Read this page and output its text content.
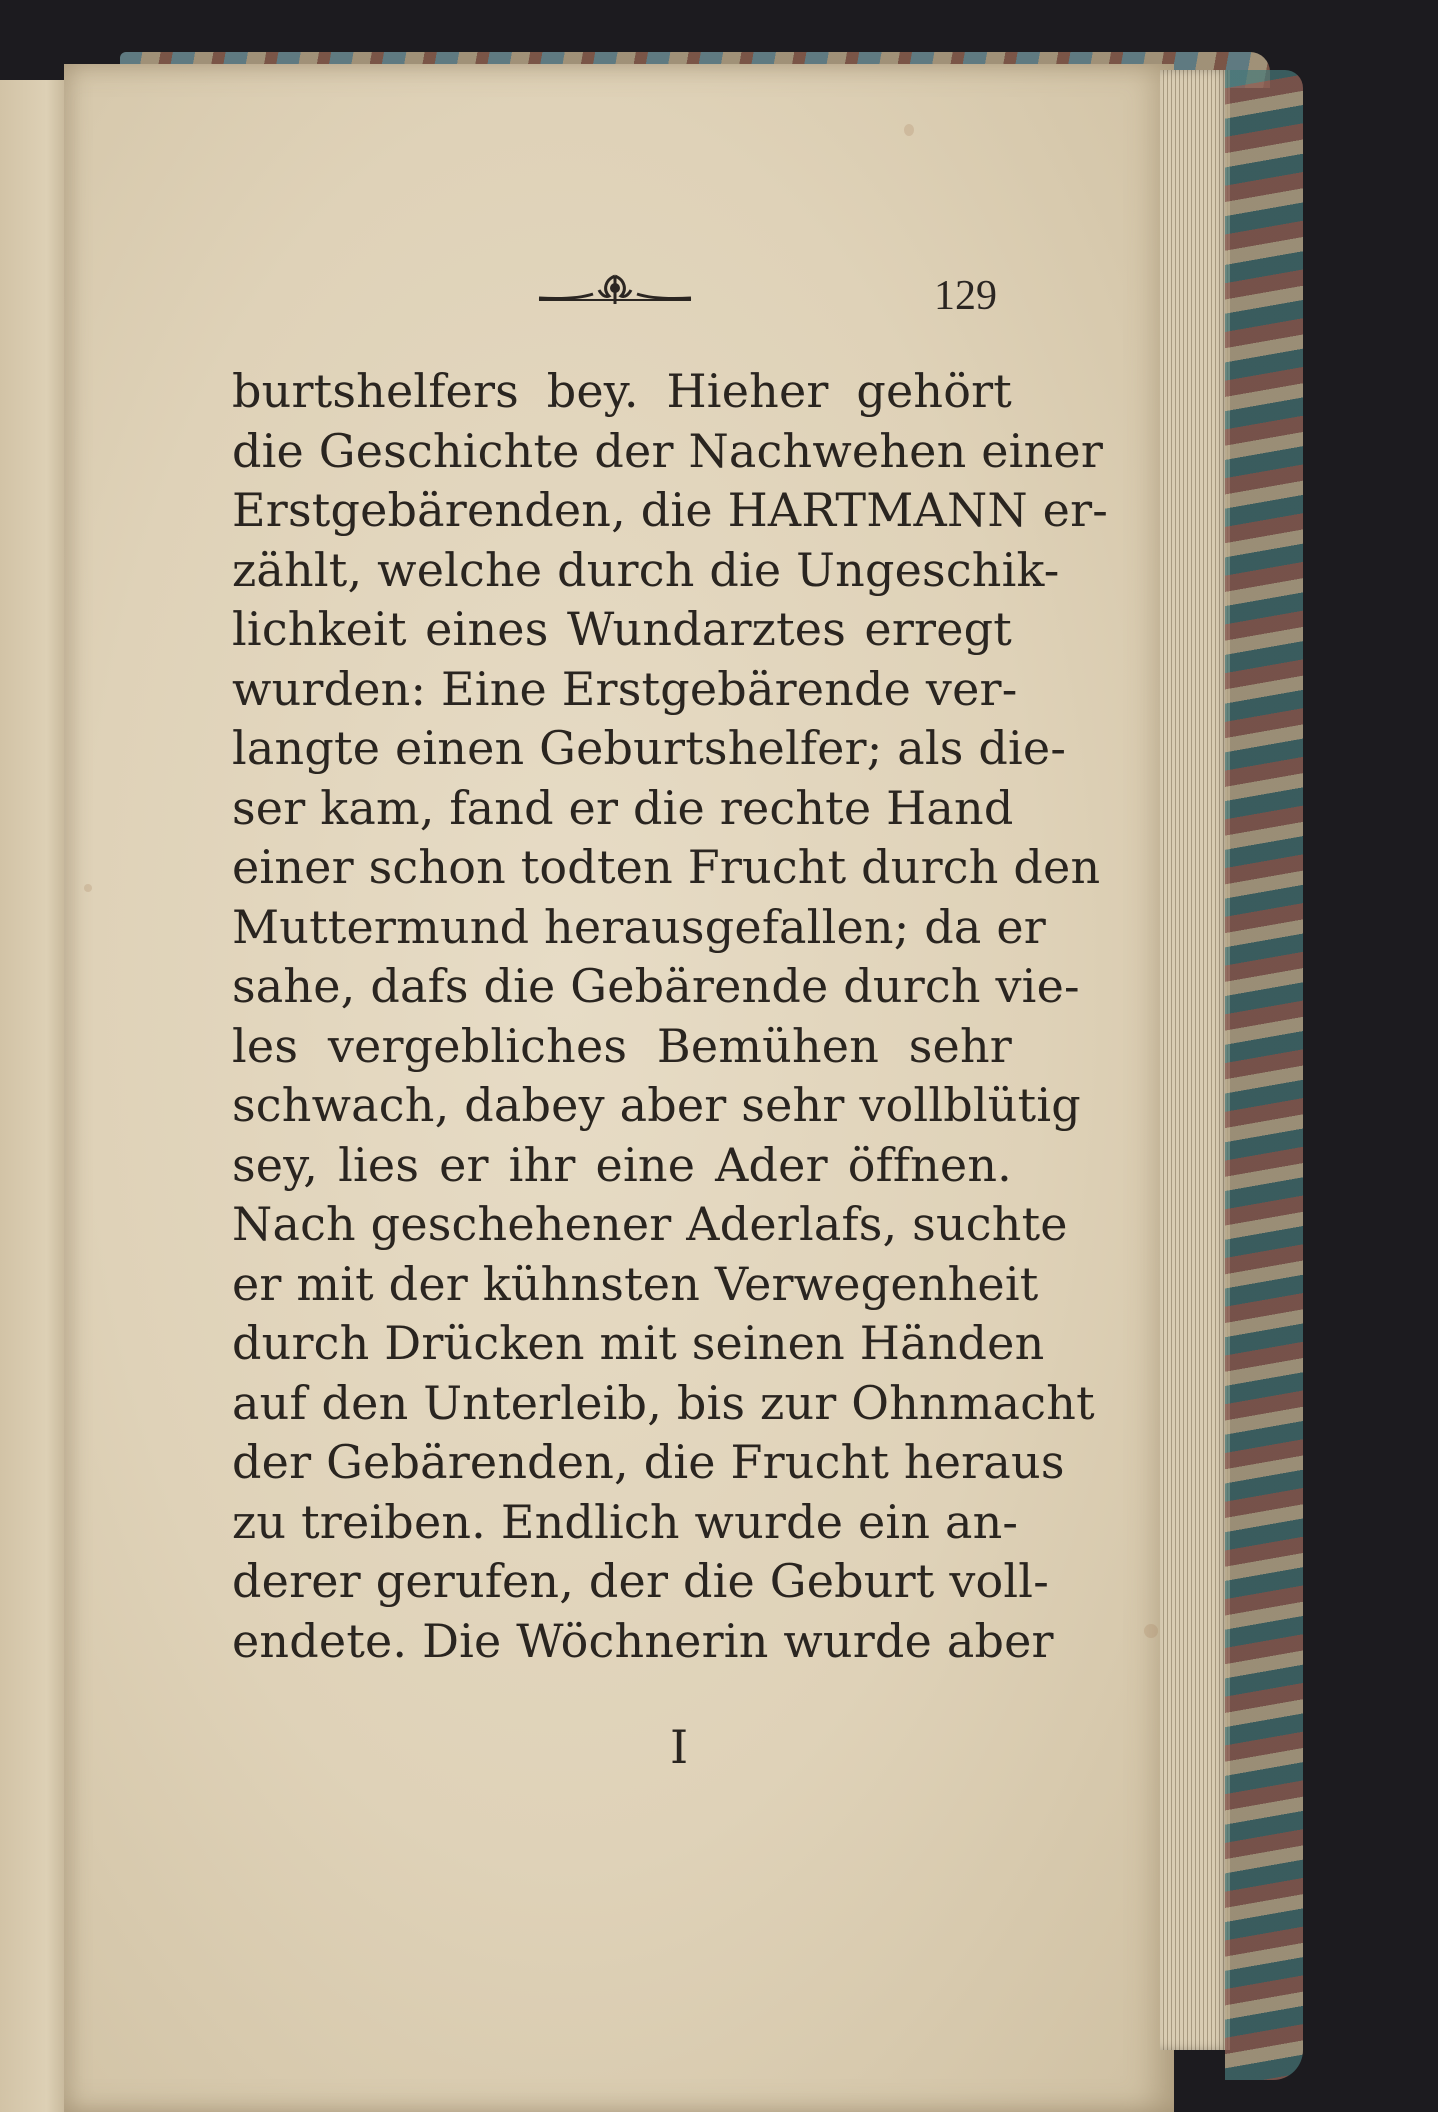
129
burtshelfers bey. Hieher gehört
die Geschichte der Nachwehen einer
Erstgebärenden, die HARTMANN er-
zählt, welche durch die Ungeschik-
lichkeit eines Wundarztes erregt
wurden: Eine Erstgebärende ver-
langte einen Geburtshelfer; als die-
ser kam, fand er die rechte Hand
einer schon todten Frucht durch den
Muttermund herausgefallen; da er
sahe, dafs die Gebärende durch vie-
les vergebliches Bemühen sehr
schwach, dabey aber sehr vollblütig
sey, lies er ihr eine Ader öffnen.
Nach geschehener Aderlafs, suchte
er mit der kühnsten Verwegenheit
durch Drücken mit seinen Händen
auf den Unterleib, bis zur Ohnmacht
der Gebärenden, die Frucht heraus
zu treiben. Endlich wurde ein an-
derer gerufen, der die Geburt voll-
endete. Die Wöchnerin wurde aber
I
